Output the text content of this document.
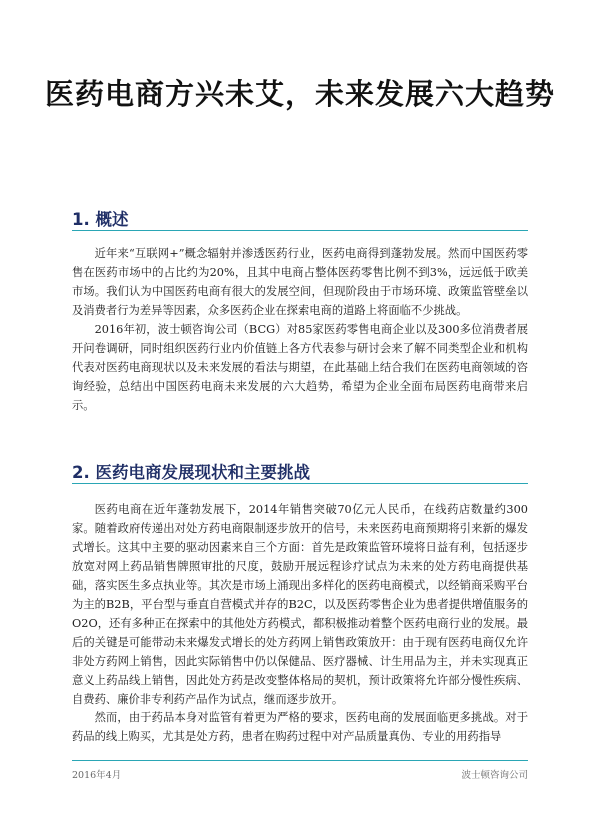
医药电商方兴未艾，未来发展六大趋势
1. 概述

近年来“互联网+”概念辐射并渗透医药行业，医药电商得到蓬勃发展。然而中国医药零售在医药市场中的占比约为20%，且其中电商占整体医药零售比例不到3%，远远低于欧美市场。我们认为中国医药电商有很大的发展空间，但现阶段由于市场环境、政策监管壁垒以及消费者行为差异等因素，众多医药企业在探索电商的道路上将面临不少挑战。

2016年初，波士顿咨询公司（BCG）对85家医药零售电商企业以及300多位消费者展开问卷调研，同时组织医药行业内价值链上各方代表参与研讨会来了解不同类型企业和机构代表对医药电商现状以及未来发展的看法与期望，在此基础上结合我们在医药电商领域的咨询经验，总结出中国医药电商未来发展的六大趋势，希望为企业全面布局医药电商带来启示。

2. 医药电商发展现状和主要挑战

医药电商在近年蓬勃发展下，2014年销售突破70亿元人民币，在线药店数量约300家。随着政府传递出对处方药电商限制逐步放开的信号，未来医药电商预期将引来新的爆发式增长。这其中主要的驱动因素来自三个方面：首先是政策监管环境将日益有利，包括逐步放宽对网上药品销售牌照审批的尺度，鼓励开展远程诊疗试点为未来的处方药电商提供基础，落实医生多点执业等。其次是市场上涌现出多样化的医药电商模式，以经销商采购平台为主的B2B，平台型与垂直自营模式并存的B2C，以及医药零售企业为患者提供增值服务的O2O，还有多种正在探索中的其他处方药模式，都积极推动着整个医药电商行业的发展。最后的关键是可能带动未来爆发式增长的处方药网上销售政策放开：由于现有医药电商仅允许非处方药网上销售，因此实际销售中仍以保健品、医疗器械、计生用品为主，并未实现真正意义上药品线上销售，因此处方药是改变整体格局的契机，预计政策将允许部分慢性疾病、自费药、廉价非专利药产品作为试点，继而逐步放开。

然而，由于药品本身对监管有着更为严格的要求，医药电商的发展面临更多挑战。对于药品的线上购买，尤其是处方药，患者在购药过程中对产品质量真伪、专业的用药指导

2016年4月	波士顿咨询公司
